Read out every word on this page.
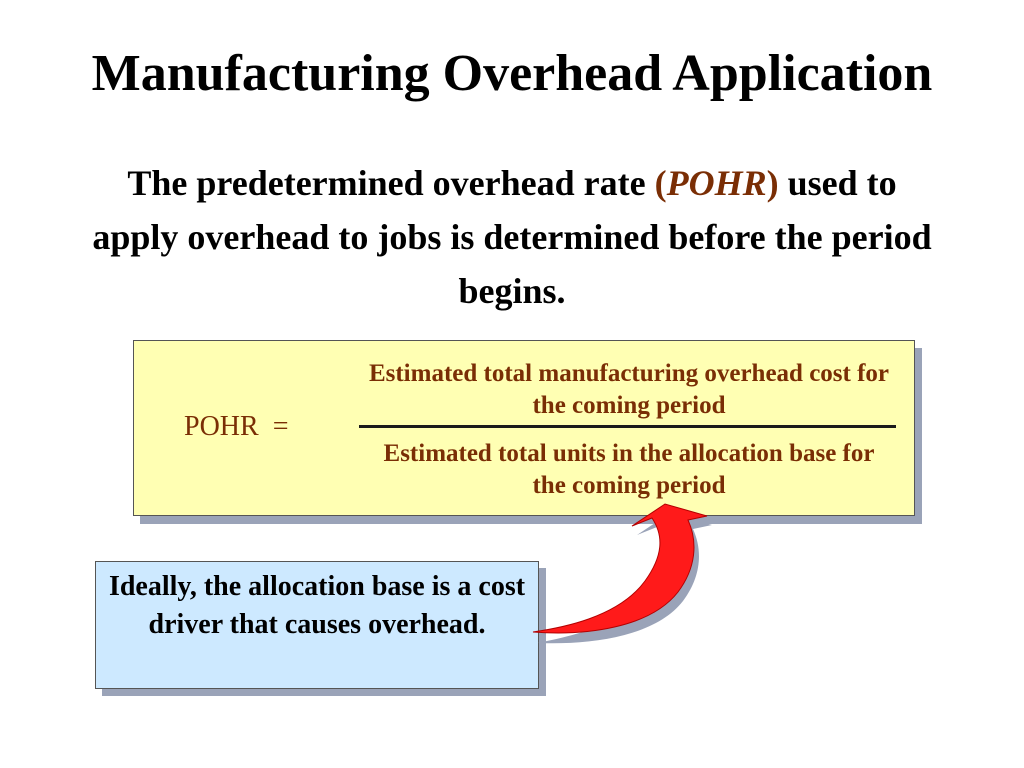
Manufacturing Overhead Application
The predetermined overhead rate (POHR) used to apply overhead to jobs is determined before the period begins.
POHR  =
Estimated total manufacturing overhead cost for the coming period
Estimated total units in the allocation base for the coming period
Ideally, the allocation base is a cost driver that causes overhead.
